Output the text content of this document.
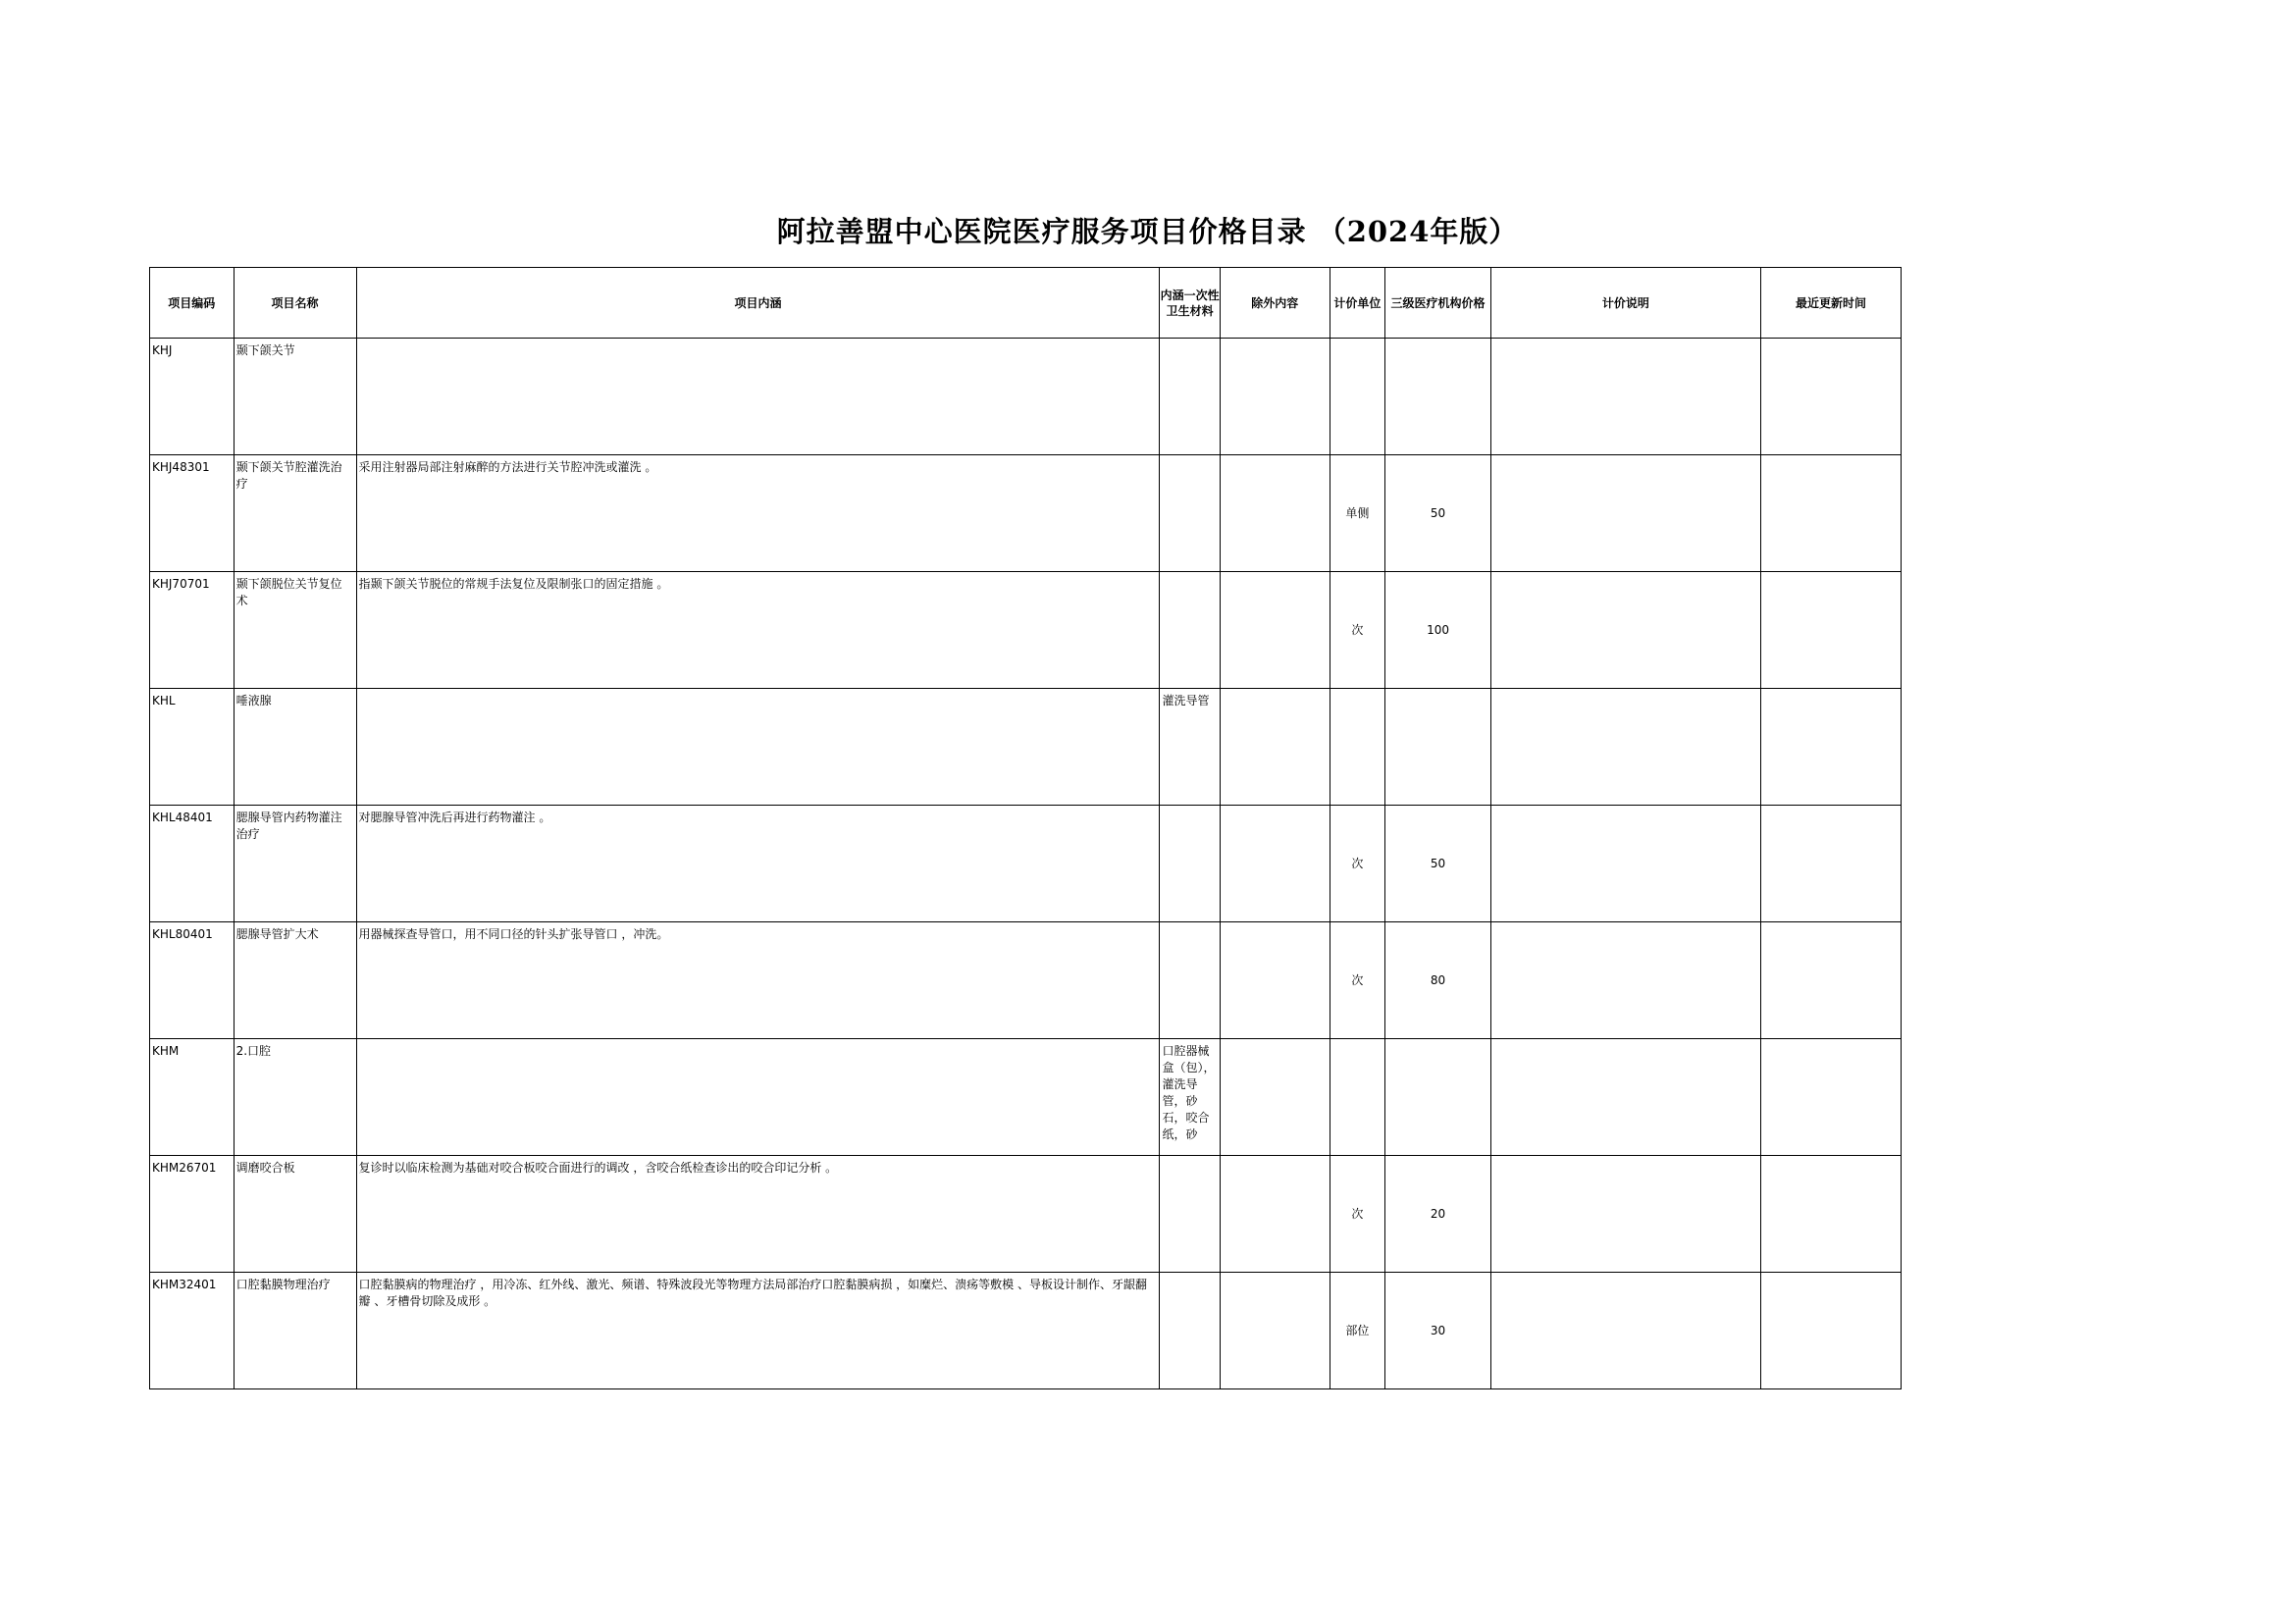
阿拉善盟中心医院医疗服务项目价格目录 （2024年版）
项目编码	项目名称	项目内涵	内涵一次性卫生材料	除外内容	计价单位	三级医疗机构价格	计价说明	最近更新时间
KHJ	颞下颌关节		

KHJ48301	颞下颌关节腔灌洗治疗	采用注射器局部注射麻醉的方法进行关节腔冲洗或灌洗 。			单侧	50		
KHJ70701	颞下颌脱位关节复位术	指颞下颌关节脱位的常规手法复位及限制张口的固定措施 。			次	100		
KHL	唾液腺		灌洗导管					

KHL48401	腮腺导管内药物灌注治疗	对腮腺导管冲洗后再进行药物灌注 。			次	50		
KHL80401	腮腺导管扩大术	用器械探查导管口，用不同口径的针头扩张导管口 ，冲洗。			次	80		
KHM	2.口腔		口腔器械盒（包），灌洗导管，砂石，咬合纸，砂					

KHM26701	调磨咬合板	复诊时以临床检测为基础对咬合板咬合面进行的调改 ，含咬合纸检查诊出的咬合印记分析 。			次	20		
KHM32401	口腔黏膜物理治疗	口腔黏膜病的物理治疗 ，用冷冻、红外线、激光、频谱、特殊波段光等物理方法局部治疗口腔黏膜病损 ，如糜烂、溃疡等敷模 、导板设计制作、牙龈翻瓣 、牙槽骨切除及成形 。			部位	30		
